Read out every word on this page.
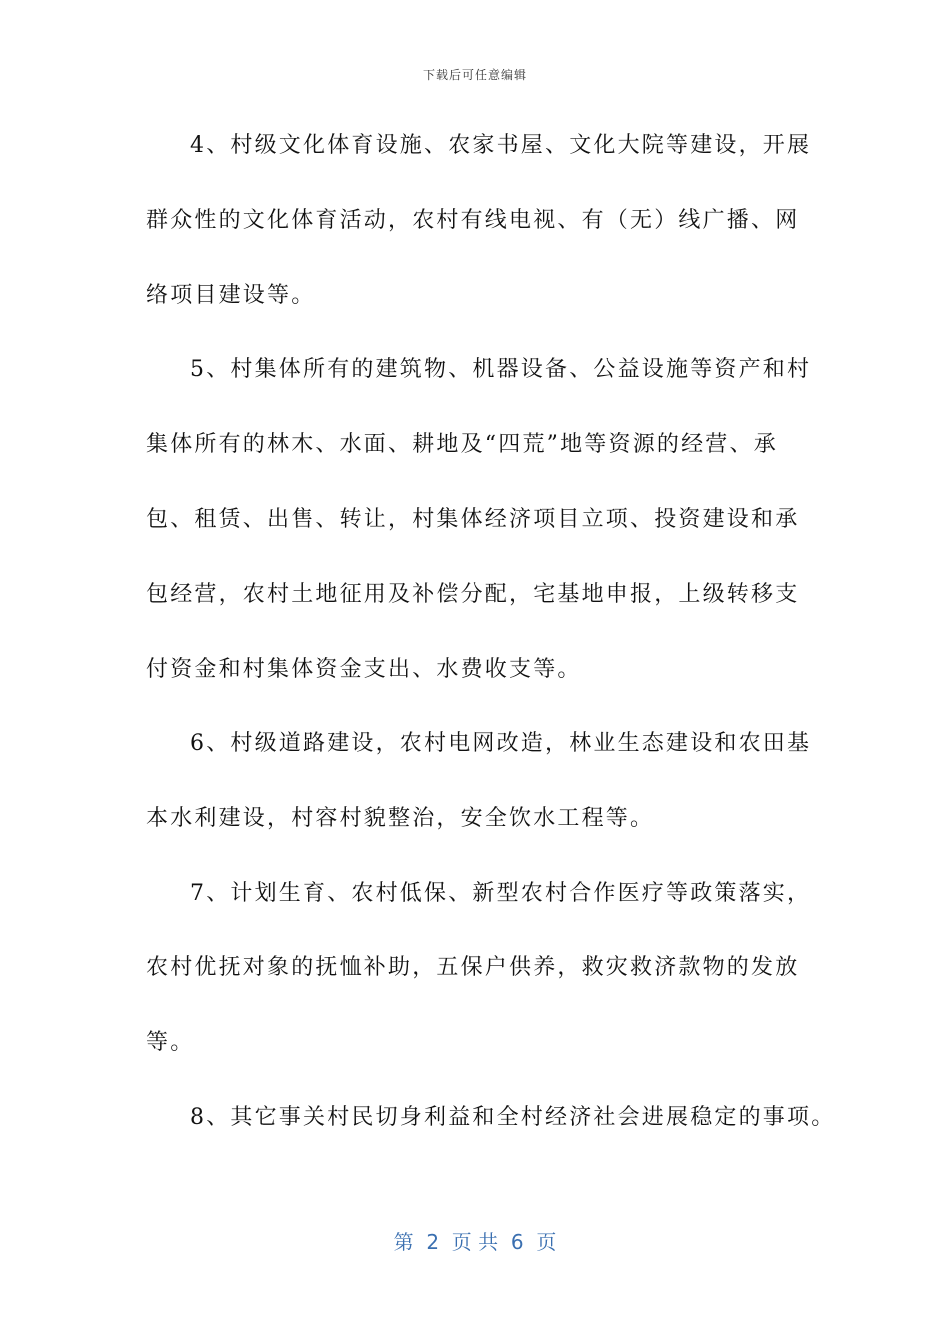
下载后可任意编辑
4、村级文化体育设施、农家书屋、文化大院等建设，开展
群众性的文化体育活动，农村有线电视、有（无）线广播、网
络项目建设等。
5、村集体所有的建筑物、机器设备、公益设施等资产和村
集体所有的林木、水面、耕地及“四荒”地等资源的经营、承
包、租赁、出售、转让，村集体经济项目立项、投资建设和承
包经营，农村土地征用及补偿分配，宅基地申报，上级转移支
付资金和村集体资金支出、水费收支等。
6、村级道路建设，农村电网改造，林业生态建设和农田基
本水利建设，村容村貌整治，安全饮水工程等。
7、计划生育、农村低保、新型农村合作医疗等政策落实，
农村优抚对象的抚恤补助，五保户供养，救灾救济款物的发放
等。
8、其它事关村民切身利益和全村经济社会进展稳定的事项。
第  2  页 共  6  页
